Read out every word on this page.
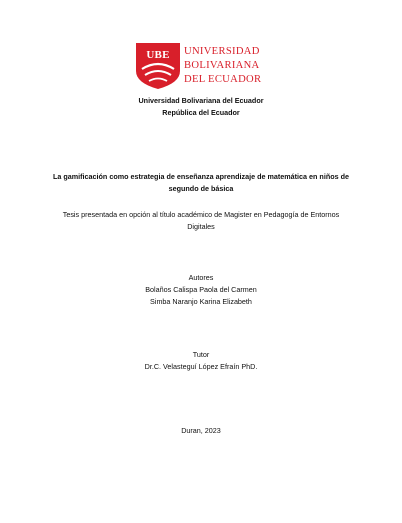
UBE	UNIVERSIDAD
BOLIVARIANA
DEL ECUADOR
Universidad Bolivariana del Ecuador
República del Ecuador
La gamificación como estrategia de enseñanza aprendizaje de matemática en niños de
segundo de básica
Tesis presentada en opción al título académico de Magister en Pedagogía de Entornos
Digitales
Autores
Bolaños Calispa Paola del Carmen
Simba Naranjo Karina Elizabeth
Tutor
Dr.C. Velasteguí López Efraín PhD.
Duran, 2023
